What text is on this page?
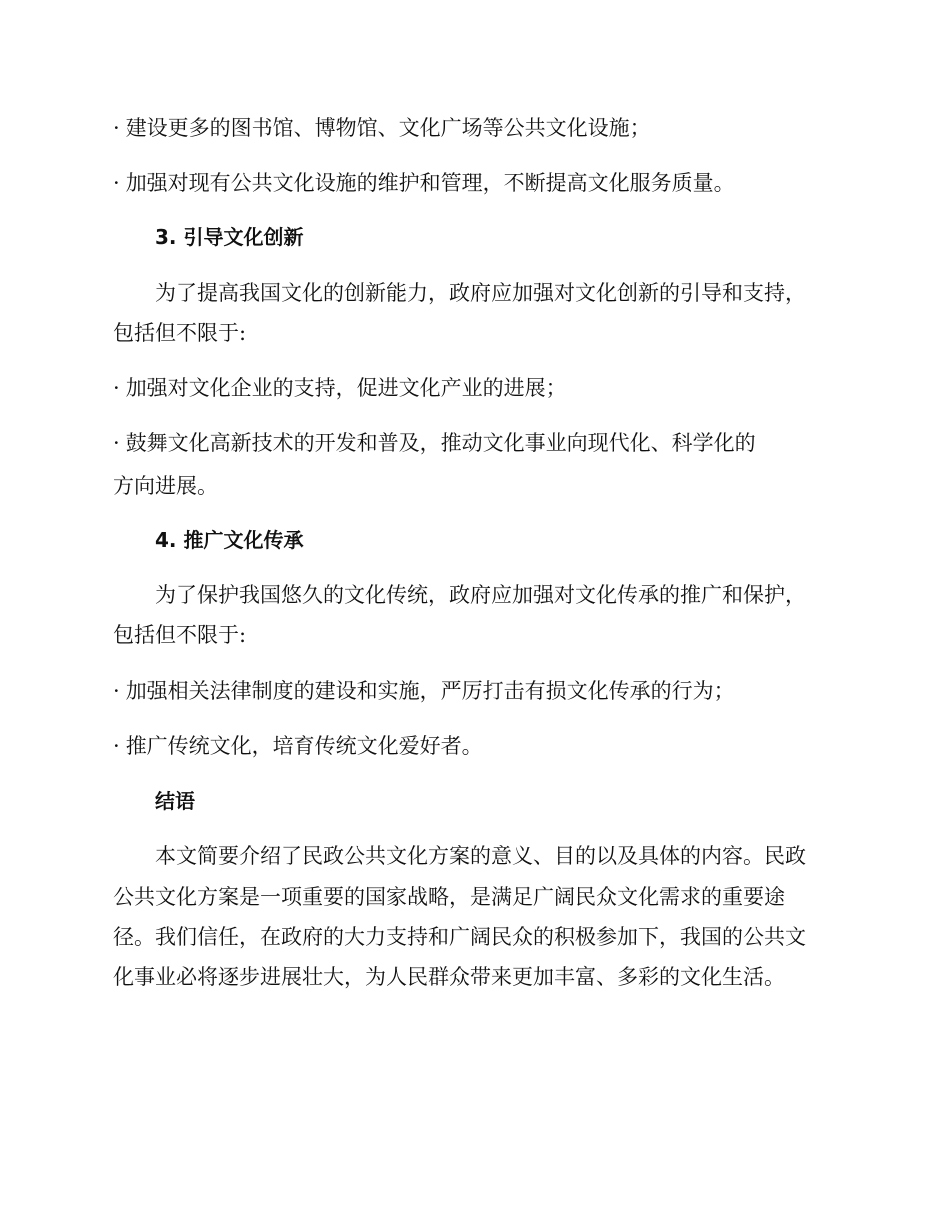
· 建设更多的图书馆、博物馆、文化广场等公共文化设施；
· 加强对现有公共文化设施的维护和管理，不断提高文化服务质量。
3. 引导文化创新
为了提高我国文化的创新能力，政府应加强对文化创新的引导和支持，
包括但不限于:
· 加强对文化企业的支持，促进文化产业的进展；
· 鼓舞文化高新技术的开发和普及，推动文化事业向现代化、科学化的
方向进展。
4. 推广文化传承
为了保护我国悠久的文化传统，政府应加强对文化传承的推广和保护，
包括但不限于:
· 加强相关法律制度的建设和实施，严厉打击有损文化传承的行为；
· 推广传统文化，培育传统文化爱好者。
结语
本文简要介绍了民政公共文化方案的意义、目的以及具体的内容。民政
公共文化方案是一项重要的国家战略，是满足广阔民众文化需求的重要途
径。我们信任，在政府的大力支持和广阔民众的积极参加下，我国的公共文
化事业必将逐步进展壮大，为人民群众带来更加丰富、多彩的文化生活。
